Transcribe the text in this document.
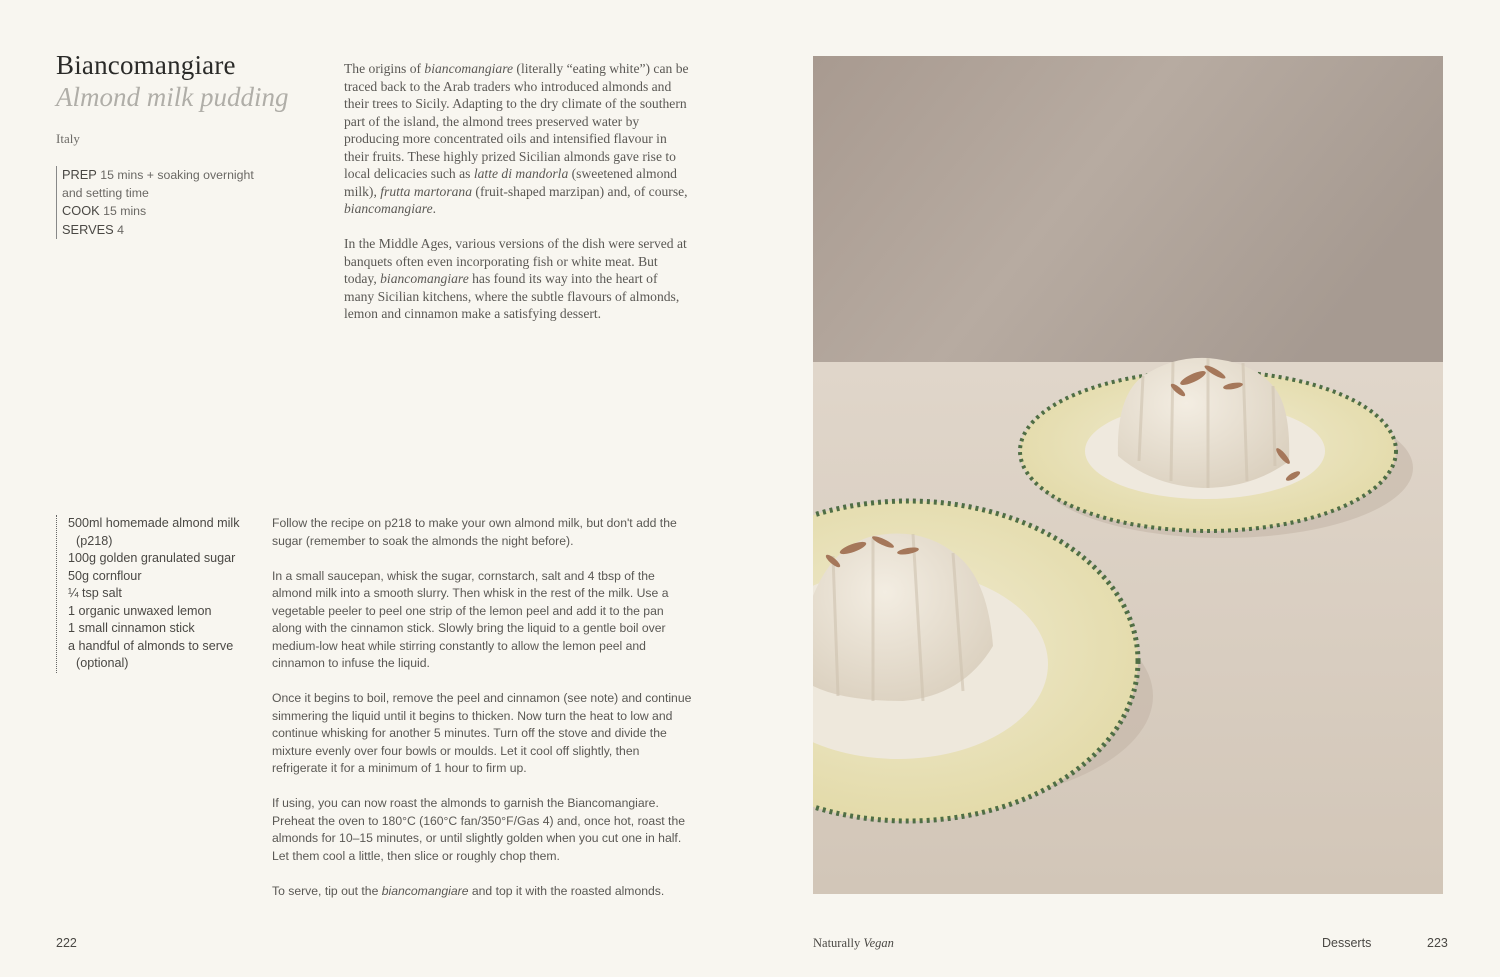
Biancomangiare
Almond milk pudding
Italy
PREP 15 mins + soaking overnight and setting time
COOK 15 mins
SERVES 4

The origins of biancomangiare (literally “eating white”) can be traced back to the Arab traders who introduced almonds and their trees to Sicily. Adapting to the dry climate of the southern part of the island, the almond trees preserved water by producing more concentrated oils and intensified flavour in their fruits. These highly prized Sicilian almonds gave rise to local delicacies such as latte di mandorla (sweetened almond milk), frutta martorana (fruit-shaped marzipan) and, of course, biancomangiare.

In the Middle Ages, various versions of the dish were served at banquets often even incorporating fish or white meat. But today, biancomangiare has found its way into the heart of many Sicilian kitchens, where the subtle flavours of almonds, lemon and cinnamon make a satisfying dessert.

500ml homemade almond milk (p218)
100g golden granulated sugar
50g cornflour
¼ tsp salt
1 organic unwaxed lemon
1 small cinnamon stick
a handful of almonds to serve (optional)

Follow the recipe on p218 to make your own almond milk, but don't add the sugar (remember to soak the almonds the night before).

In a small saucepan, whisk the sugar, cornstarch, salt and 4 tbsp of the almond milk into a smooth slurry. Then whisk in the rest of the milk. Use a vegetable peeler to peel one strip of the lemon peel and add it to the pan along with the cinnamon stick. Slowly bring the liquid to a gentle boil over medium-low heat while stirring constantly to allow the lemon peel and cinnamon to infuse the liquid.

Once it begins to boil, remove the peel and cinnamon (see note) and continue simmering the liquid until it begins to thicken. Now turn the heat to low and continue whisking for another 5 minutes. Turn off the stove and divide the mixture evenly over four bowls or moulds. Let it cool off slightly, then refrigerate it for a minimum of 1 hour to firm up.

If using, you can now roast the almonds to garnish the Biancomangiare. Preheat the oven to 180°C (160°C fan/350°F/Gas 4) and, once hot, roast the almonds for 10–15 minutes, or until slightly golden when you cut one in half. Let them cool a little, then slice or roughly chop them.

To serve, tip out the biancomangiare and top it with the roasted almonds.

222	Naturally Vegan	Desserts	223
